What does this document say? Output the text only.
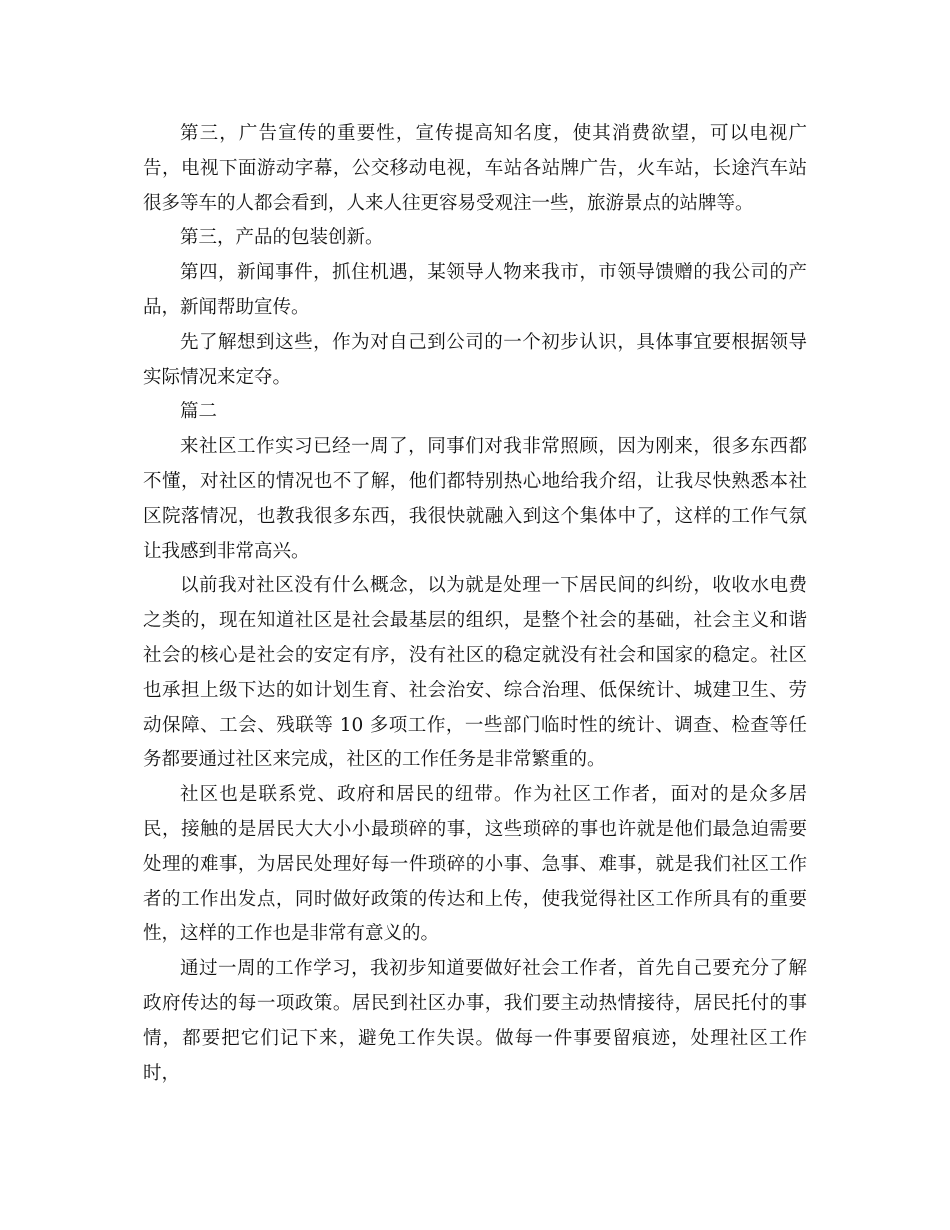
第三，广告宣传的重要性，宣传提高知名度，使其消费欲望，可以电视广告，电视下面游动字幕，公交移动电视，车站各站牌广告，火车站，长途汽车站很多等车的人都会看到，人来人往更容易受观注一些，旅游景点的站牌等。

第三，产品的包装创新。

第四，新闻事件，抓住机遇，某领导人物来我市，市领导馈赠的我公司的产品，新闻帮助宣传。

先了解想到这些，作为对自己到公司的一个初步认识，具体事宜要根据领导实际情况来定夺。

篇二

来社区工作实习已经一周了，同事们对我非常照顾，因为刚来，很多东西都不懂，对社区的情况也不了解，他们都特别热心地给我介绍，让我尽快熟悉本社区院落情况，也教我很多东西，我很快就融入到这个集体中了，这样的工作气氛让我感到非常高兴。

以前我对社区没有什么概念，以为就是处理一下居民间的纠纷，收收水电费之类的，现在知道社区是社会最基层的组织，是整个社会的基础，社会主义和谐社会的核心是社会的安定有序，没有社区的稳定就没有社会和国家的稳定。社区也承担上级下达的如计划生育、社会治安、综合治理、低保统计、城建卫生、劳动保障、工会、残联等 10 多项工作，一些部门临时性的统计、调查、检查等任务都要通过社区来完成，社区的工作任务是非常繁重的。

社区也是联系党、政府和居民的纽带。作为社区工作者，面对的是众多居民，接触的是居民大大小小最琐碎的事，这些琐碎的事也许就是他们最急迫需要处理的难事，为居民处理好每一件琐碎的小事、急事、难事，就是我们社区工作者的工作出发点，同时做好政策的传达和上传，使我觉得社区工作所具有的重要性，这样的工作也是非常有意义的。

通过一周的工作学习，我初步知道要做好社会工作者，首先自己要充分了解政府传达的每一项政策。居民到社区办事，我们要主动热情接待，居民托付的事情，都要把它们记下来，避免工作失误。做每一件事要留痕迹，处理社区工作时，
